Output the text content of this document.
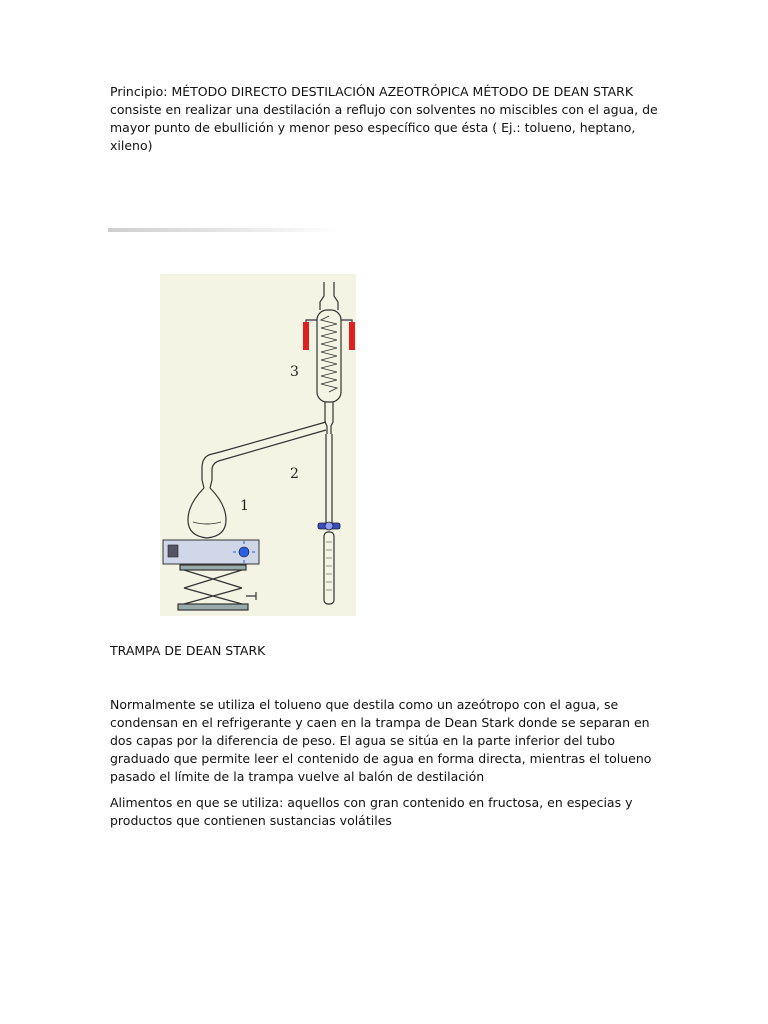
Principio: MÉTODO DIRECTO DESTILACIÓN AZEOTRÓPICA MÉTODO DE DEAN STARK consiste en realizar una destilación a reflujo con solventes no miscibles con el agua, de mayor punto de ebullición y menor peso específico que ésta ( Ej.: tolueno, heptano, xileno)

1
2
3

TRAMPA DE DEAN STARK

Normalmente se utiliza el tolueno que destila como un azeótropo con el agua, se condensan en el refrigerante y caen en la trampa de Dean Stark donde se separan en dos capas por la diferencia de peso. El agua se sitúa en la parte inferior del tubo graduado que permite leer el contenido de agua en forma directa, mientras el tolueno pasado el límite de la trampa vuelve al balón de destilación

Alimentos en que se utiliza: aquellos con gran contenido en fructosa, en especias y productos que contienen sustancias volátiles
